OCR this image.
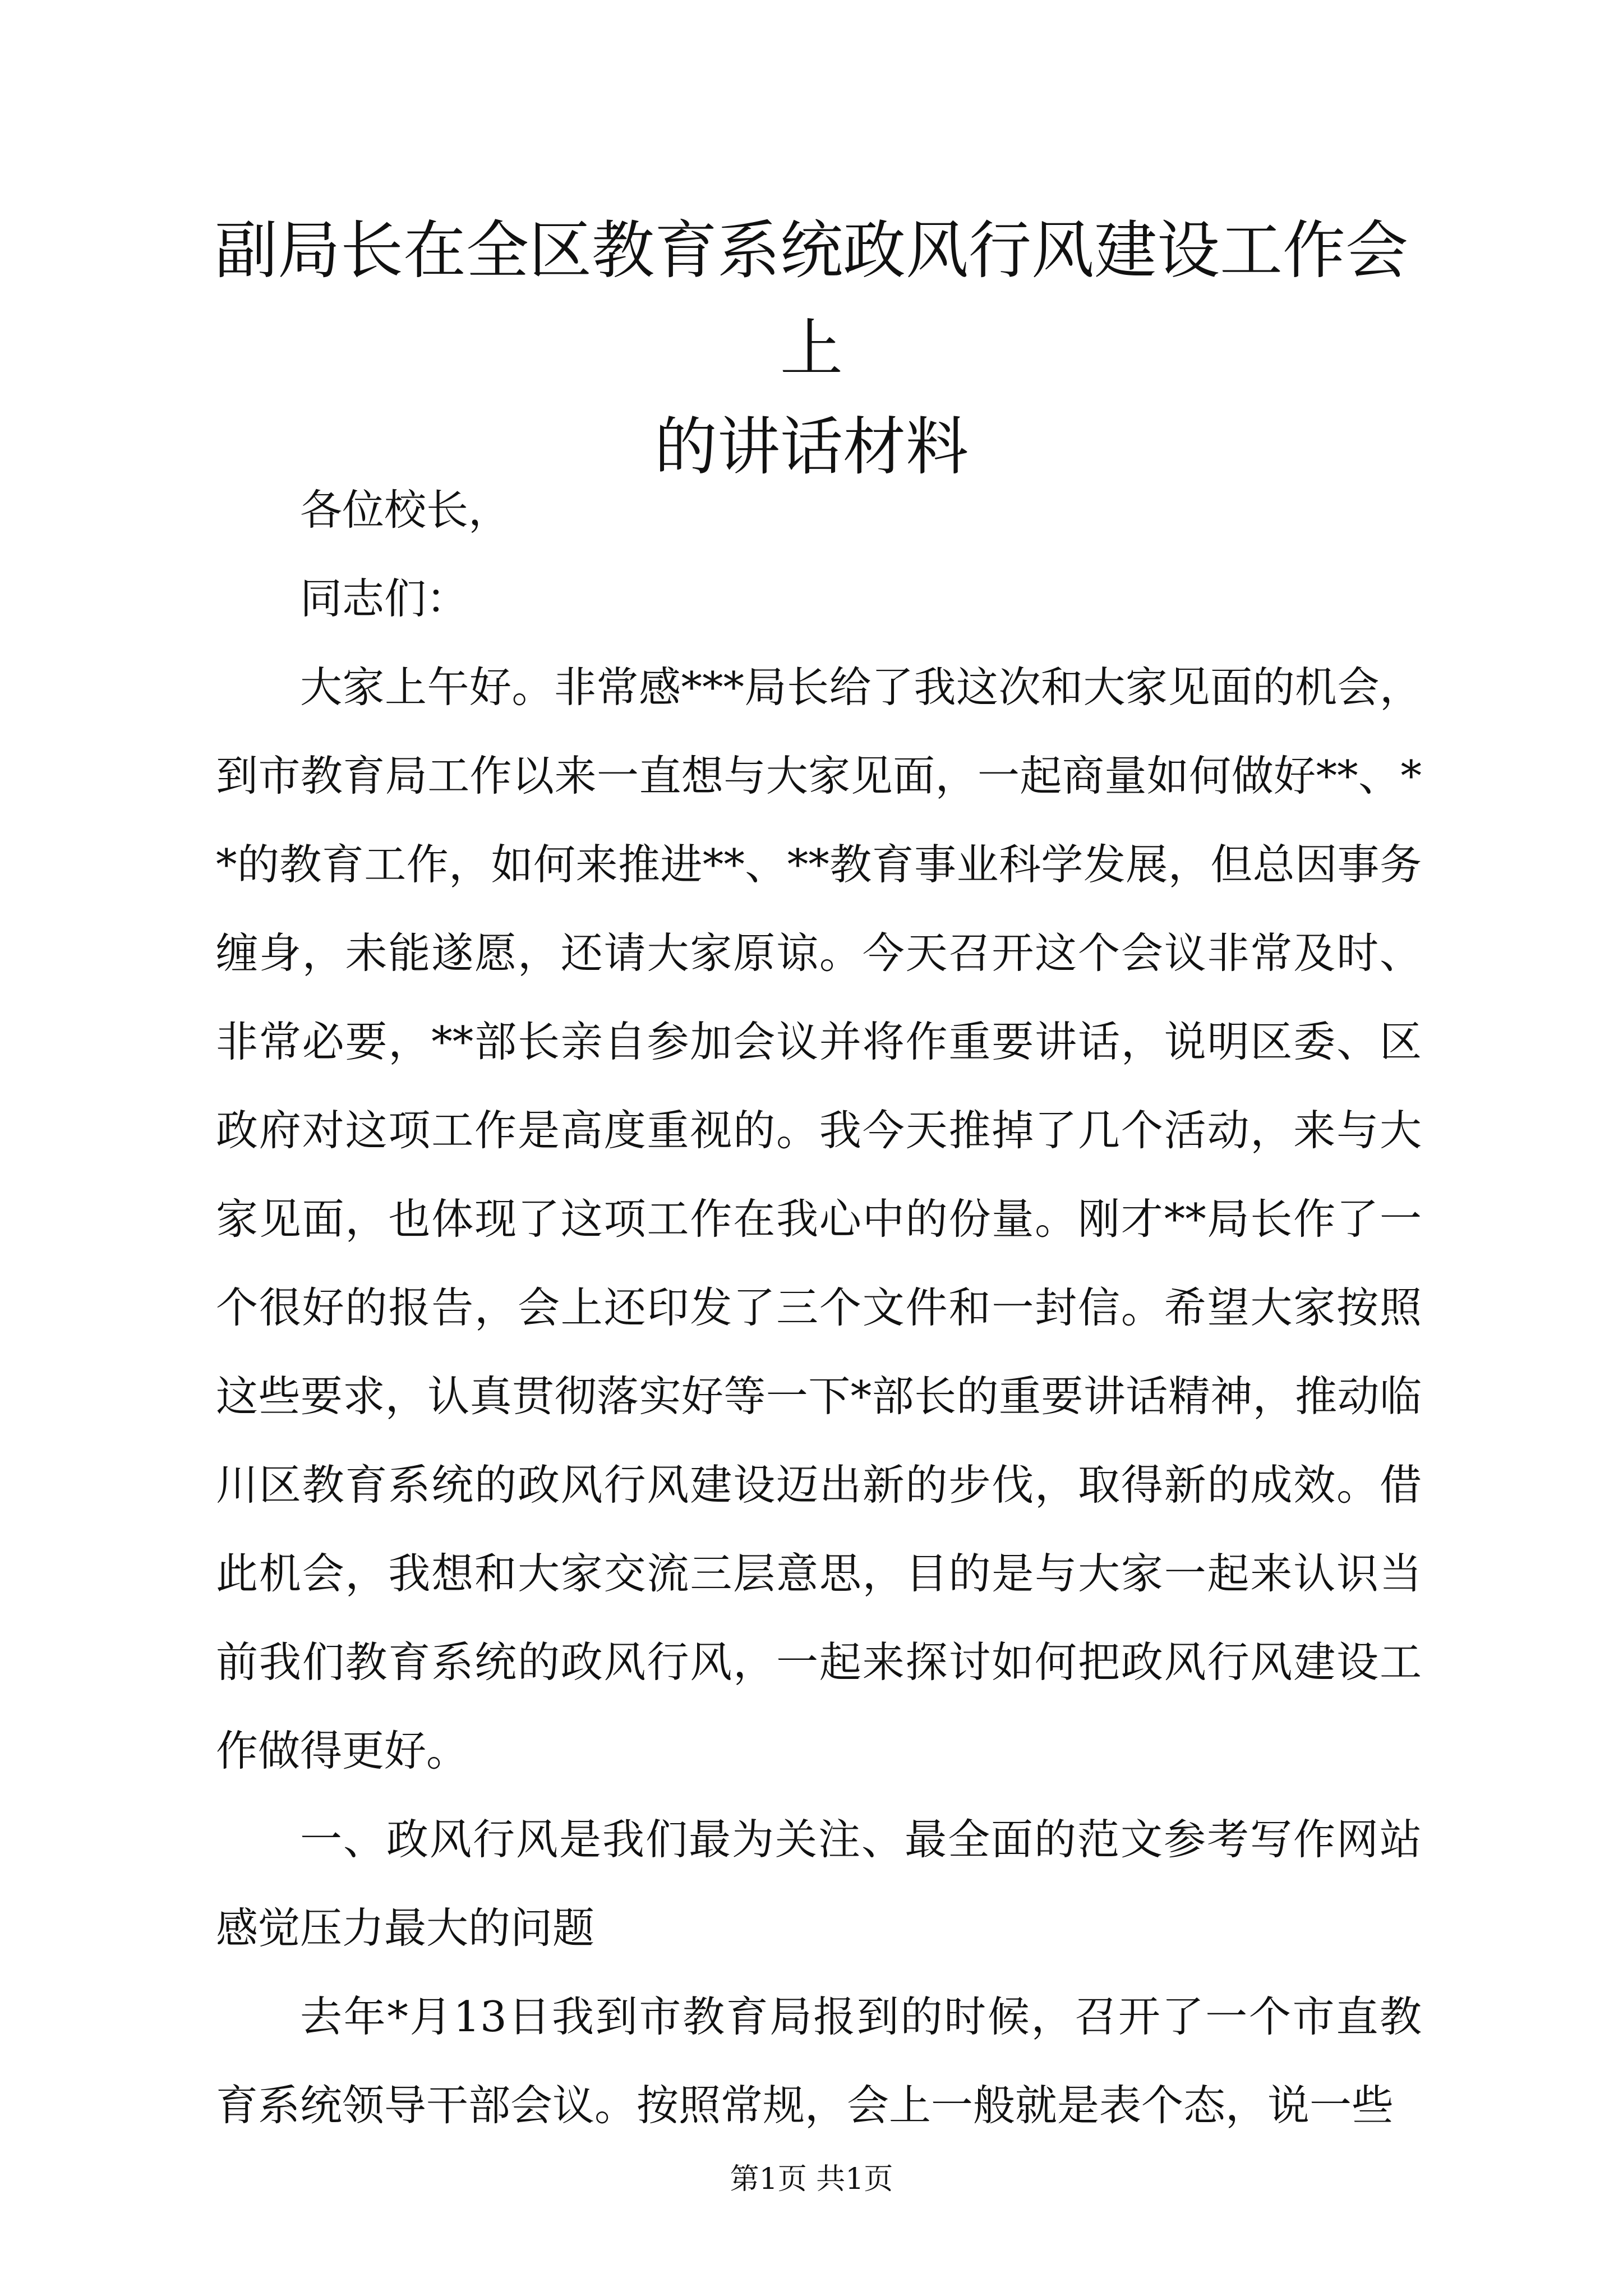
副局长在全区教育系统政风行风建设工作会上
的讲话材料

各位校长，

同志们：

大家上午好。非常感***局长给了我这次和大家见面的机会，到市教育局工作以来一直想与大家见面，一起商量如何做好**、**的教育工作，如何来推进**、**教育事业科学发展，但总因事务缠身，未能遂愿，还请大家原谅。今天召开这个会议非常及时、非常必要，**部长亲自参加会议并将作重要讲话，说明区委、区政府对这项工作是高度重视的。我今天推掉了几个活动，来与大家见面，也体现了这项工作在我心中的份量。刚才**局长作了一个很好的报告，会上还印发了三个文件和一封信。希望大家按照这些要求，认真贯彻落实好等一下*部长的重要讲话精神，推动临川区教育系统的政风行风建设迈出新的步伐，取得新的成效。借此机会，我想和大家交流三层意思，目的是与大家一起来认识当前我们教育系统的政风行风，一起来探讨如何把政风行风建设工作做得更好。

一、政风行风是我们最为关注、最全面的范文参考写作网站感觉压力最大的问题

去年*月13日我到市教育局报到的时候，召开了一个市直教育系统领导干部会议。按照常规，会上一般就是表个态，说一些

第1页 共1页
